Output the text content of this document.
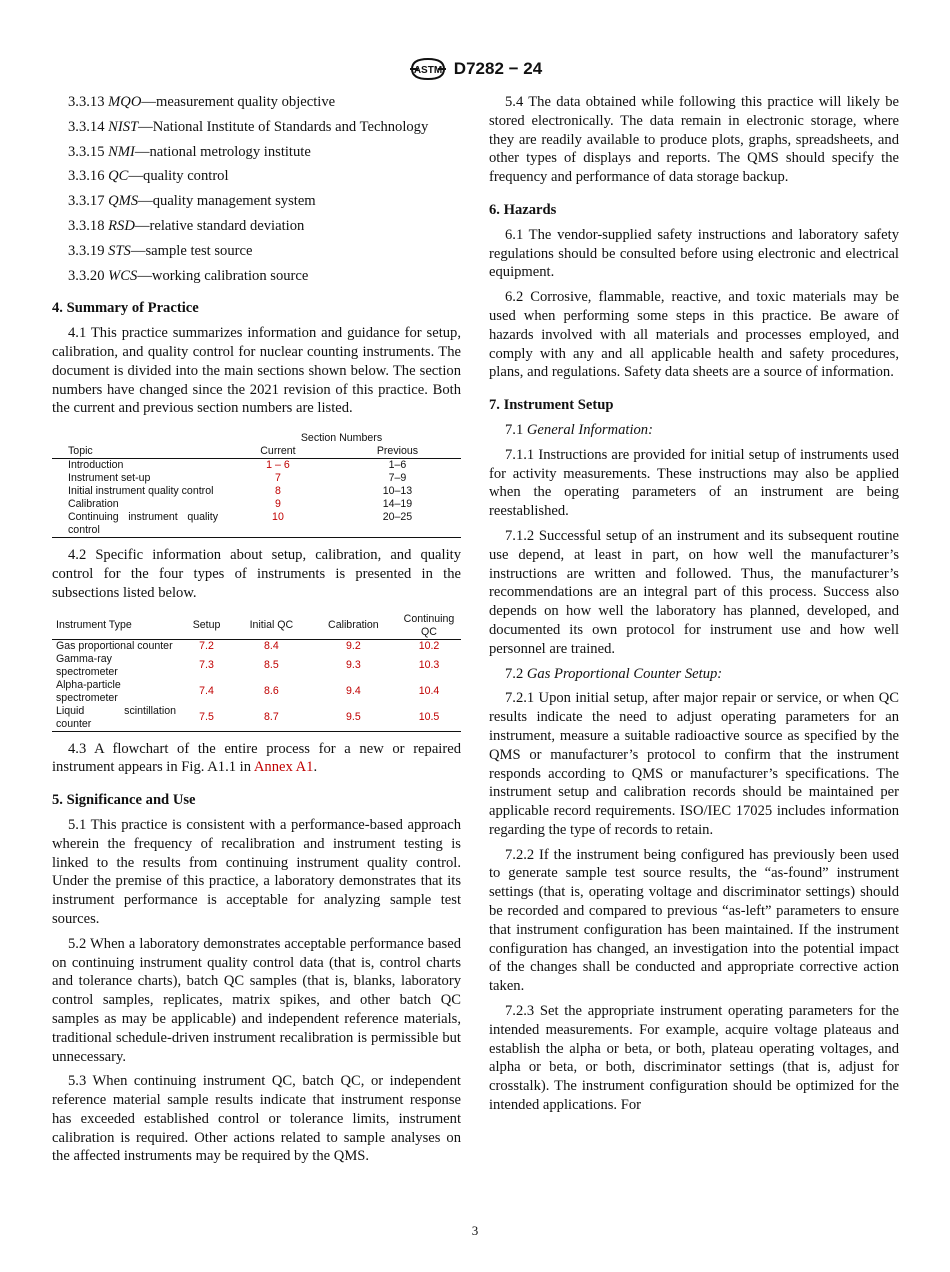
ASTM D7282 − 24

3.3.13 MQO—measurement quality objective

3.3.14 NIST—National Institute of Standards and Technology

3.3.15 NMI—national metrology institute

3.3.16 QC—quality control

3.3.17 QMS—quality management system

3.3.18 RSD—relative standard deviation

3.3.19 STS—sample test source

3.3.20 WCS—working calibration source

4. Summary of Practice

4.1 This practice summarizes information and guidance for setup, calibration, and quality control for nuclear counting instruments. The document is divided into the main sections shown below. The section numbers have changed since the 2021 revision of this practice. Both the current and previous section numbers are listed.

	Section Numbers	
Topic	Current	Previous
Introduction	1 – 6	1–6
Instrument set-up	7	7–9
Initial instrument quality control	8	10–13
Calibration	9	14–19
Continuing instrument quality control	10	20–25

4.2 Specific information about setup, calibration, and quality control for the four types of instruments is presented in the subsections listed below.

Instrument Type	Setup	Initial QC	Calibration	Continuing QC
Gas proportional counter	7.2	8.4	9.2	10.2
Gamma-ray spectrometer	7.3	8.5	9.3	10.3
Alpha-particle spectrometer	7.4	8.6	9.4	10.4
Liquid scintillation counter	7.5	8.7	9.5	10.5

4.3 A flowchart of the entire process for a new or repaired instrument appears in Fig. A1.1 in Annex A1.

5. Significance and Use

5.1 This practice is consistent with a performance-based approach wherein the frequency of recalibration and instrument testing is linked to the results from continuing instrument quality control. Under the premise of this practice, a laboratory demonstrates that its instrument performance is acceptable for analyzing sample test sources.

5.2 When a laboratory demonstrates acceptable performance based on continuing instrument quality control data (that is, control charts and tolerance charts), batch QC samples (that is, blanks, laboratory control samples, replicates, matrix spikes, and other batch QC samples as may be applicable) and independent reference materials, traditional schedule-driven instrument recalibration is permissible but unnecessary.

5.3 When continuing instrument QC, batch QC, or independent reference material sample results indicate that instrument response has exceeded established control or tolerance limits, instrument calibration is required. Other actions related to sample analyses on the affected instruments may be required by the QMS.

5.4 The data obtained while following this practice will likely be stored electronically. The data remain in electronic storage, where they are readily available to produce plots, graphs, spreadsheets, and other types of displays and reports. The QMS should specify the frequency and performance of data storage backup.

6. Hazards

6.1 The vendor-supplied safety instructions and laboratory safety regulations should be consulted before using electronic and electrical equipment.

6.2 Corrosive, flammable, reactive, and toxic materials may be used when performing some steps in this practice. Be aware of hazards involved with all materials and processes employed, and comply with any and all applicable health and safety procedures, plans, and regulations. Safety data sheets are a source of information.

7. Instrument Setup

7.1 General Information:

7.1.1 Instructions are provided for initial setup of instruments used for activity measurements. These instructions may also be applied when the operating parameters of an instrument are being reestablished.

7.1.2 Successful setup of an instrument and its subsequent routine use depend, at least in part, on how well the manufacturer’s instructions are written and followed. Thus, the manufacturer’s recommendations are an integral part of this process. Success also depends on how well the laboratory has planned, developed, and documented its own protocol for instrument use and how well personnel are trained.

7.2 Gas Proportional Counter Setup:

7.2.1 Upon initial setup, after major repair or service, or when QC results indicate the need to adjust operating parameters for an instrument, measure a suitable radioactive source as specified by the QMS or manufacturer’s protocol to confirm that the instrument responds according to QMS or manufacturer’s specifications. The instrument setup and calibration records should be maintained per applicable record requirements. ISO/IEC 17025 includes information regarding the type of records to retain.

7.2.2 If the instrument being configured has previously been used to generate sample test source results, the “as-found” instrument settings (that is, operating voltage and discriminator settings) should be recorded and compared to previous “as-left” parameters to ensure that instrument configuration has been maintained. If the instrument configuration has changed, an investigation into the potential impact of the changes shall be conducted and appropriate corrective action taken.

7.2.3 Set the appropriate instrument operating parameters for the intended measurements. For example, acquire voltage plateaus and establish the alpha or beta, or both, plateau operating voltages, and alpha or beta, or both, discriminator settings (that is, adjust for crosstalk). The instrument configuration should be optimized for the intended applications. For

3
